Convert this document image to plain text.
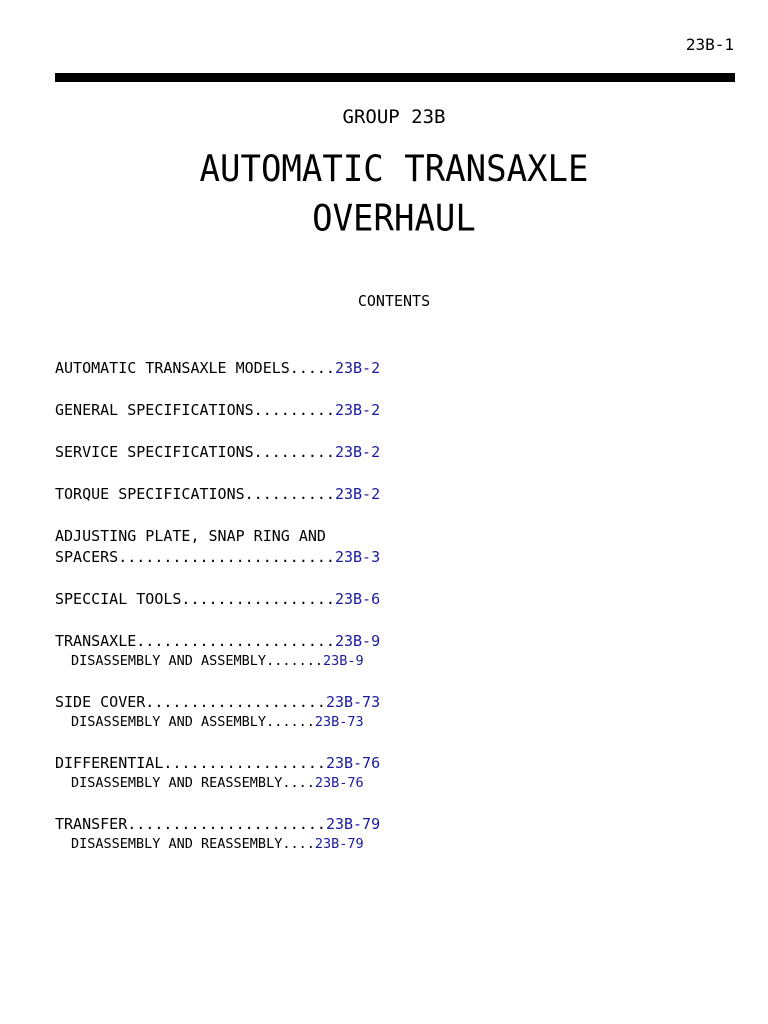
23B-1
GROUP 23B
AUTOMATIC TRANSAXLE
OVERHAUL
CONTENTS
AUTOMATIC TRANSAXLE MODELS.....23B-2
GENERAL SPECIFICATIONS.........23B-2
SERVICE SPECIFICATIONS.........23B-2
TORQUE SPECIFICATIONS..........23B-2
ADJUSTING PLATE, SNAP RING AND
SPACERS........................23B-3
SPECCIAL TOOLS.................23B-6
TRANSAXLE......................23B-9
DISASSEMBLY AND ASSEMBLY.......23B-9
SIDE COVER....................23B-73
DISASSEMBLY AND ASSEMBLY......23B-73
DIFFERENTIAL..................23B-76
DISASSEMBLY AND REASSEMBLY....23B-76
TRANSFER......................23B-79
DISASSEMBLY AND REASSEMBLY....23B-79
